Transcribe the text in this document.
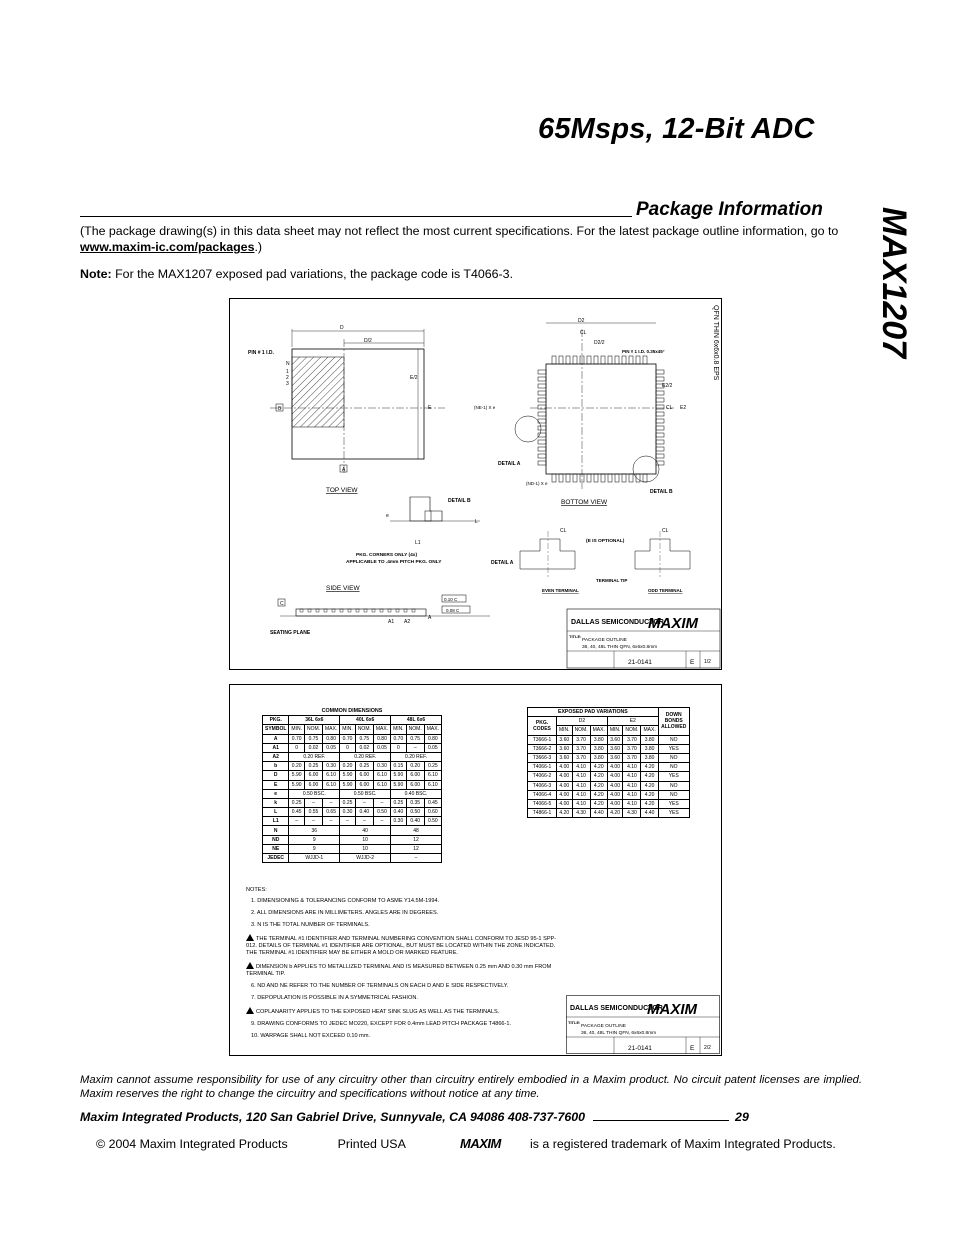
65Msps, 12-Bit ADC
MAX1207
Package Information
(The package drawing(s) in this data sheet may not reflect the most current specifications. For the latest package outline information, go to www.maxim-ic.com/packages.)
Note: For the MAX1207 exposed pad variations, the package code is T4066-3.
QFN THIN 6x6x0.8 EPS
D
D/2
E/2
E
N
1
2
3
PIN # 1 I.D.
B
A
TOP VIEW
D2
CL
D2/2
E2/2
E2
CL
PIN # 1 I.D. 0.35x45°
(NE-1) X e
(ND-1) X e
DETAIL A
DETAIL B
BOTTOM VIEW
DETAIL B
L
e
L1
PKG. CORNERS ONLY (4x)
APPLICABLE TO .4mm PITCH PKG. ONLY	DETAIL A
CL	CL
(E IS OPTIONAL)
TERMINAL TIP
EVEN TERMINAL	ODD TERMINAL
SIDE VIEW
C
SEATING PLANE
A1 A2
A
0.10 C
0.08 C
DALLAS SEMICONDUCTOR
MAXIM
TITLE:
PACKAGE OUTLINE
36, 40, 48L THIN QFN, 6x6x0.8mm
21-0141	E 1/2
COMMON DIMENSIONS									
PKG.	36L 6x6			40L 6x6			48L 6x6		
SYMBOL	MIN.	NOM.	MAX.	MIN.	NOM.	MAX.	MIN.	NOM.	MAX.
A	0.70	0.75	0.80	0.70	0.75	0.80	0.70	0.75	0.80
A1	0	0.02	0.05	0	0.02	0.05	0	–	0.05
A2	0.20 REF.			0.20 REF.			0.20 REF.		
b	0.20	0.25	0.30	0.20	0.25	0.30	0.15	0.20	0.25
D	5.90	6.00	6.10	5.90	6.00	6.10	5.90	6.00	6.10
E	5.90	6.00	6.10	5.90	6.00	6.10	5.90	6.00	6.10
e	0.50 BSC.			0.50 BSC.			0.40 BSC.		
k	0.25	–	–	0.25	–	–	0.25	0.35	0.45
L	0.45	0.55	0.65	0.30	0.40	0.50	0.40	0.50	0.60
L1	–	–	–	–	–	–	0.30	0.40	0.50
N	36			40			48		
ND	9			10			12		
NE	9			10			12		
JEDEC	WJJD-1			WJJD-2			–		
EXPOSED PAD VARIATIONS							DOWN BONDS ALLOWED
PKG. CODES	D2			E2			
	MIN.	NOM.	MAX.	MIN.	NOM.	MAX.	
T3666-1	3.60	3.70	3.80	3.60	3.70	3.80	NO
T3666-2	3.60	3.70	3.80	3.60	3.70	3.80	YES
T3666-3	3.60	3.70	3.80	3.60	3.70	3.80	NO
T4066-1	4.00	4.10	4.20	4.00	4.10	4.20	NO
T4066-2	4.00	4.10	4.20	4.00	4.10	4.20	YES
T4066-3	4.00	4.10	4.20	4.00	4.10	4.20	NO
T4066-4	4.00	4.10	4.20	4.00	4.10	4.20	NO
T4066-5	4.00	4.10	4.20	4.00	4.10	4.20	YES
T4866-1	4.20	4.30	4.40	4.20	4.30	4.40	YES
NOTES:
1. DIMENSIONING & TOLERANCING CONFORM TO ASME Y14.5M-1994.
2. ALL DIMENSIONS ARE IN MILLIMETERS. ANGLES ARE IN DEGREES.
3. N IS THE TOTAL NUMBER OF TERMINALS.
THE TERMINAL #1 IDENTIFIER AND TERMINAL NUMBERING CONVENTION SHALL CONFORM TO JESD 95-1 SPP-012. DETAILS OF TERMINAL #1 IDENTIFIER ARE OPTIONAL, BUT MUST BE LOCATED WITHIN THE ZONE INDICATED. THE TERMINAL #1 IDENTIFIER MAY BE EITHER A MOLD OR MARKED FEATURE.
DIMENSION b APPLIES TO METALLIZED TERMINAL AND IS MEASURED BETWEEN 0.25 mm AND 0.30 mm FROM TERMINAL TIP.
6. ND AND NE REFER TO THE NUMBER OF TERMINALS ON EACH D AND E SIDE RESPECTIVELY.
7. DEPOPULATION IS POSSIBLE IN A SYMMETRICAL FASHION.
COPLANARITY APPLIES TO THE EXPOSED HEAT SINK SLUG AS WELL AS THE TERMINALS.
9. DRAWING CONFORMS TO JEDEC MO220, EXCEPT FOR 0.4mm LEAD PITCH PACKAGE T4866-1.
10. WARPAGE SHALL NOT EXCEED 0.10 mm.
DALLAS SEMICONDUCTOR
MAXIM
TITLE:
PACKAGE OUTLINE
36, 40, 48L THIN QFN, 6x6x0.8mm
21-0141	E 2/2
Maxim cannot assume responsibility for use of any circuitry other than circuitry entirely embodied in a Maxim product. No circuit patent licenses are implied. Maxim reserves the right to change the circuitry and specifications without notice at any time.
Maxim Integrated Products, 120 San Gabriel Drive, Sunnyvale, CA 94086 408-737-7600	29
© 2004 Maxim Integrated Products	Printed USA	MAXIM is a registered trademark of Maxim Integrated Products.
